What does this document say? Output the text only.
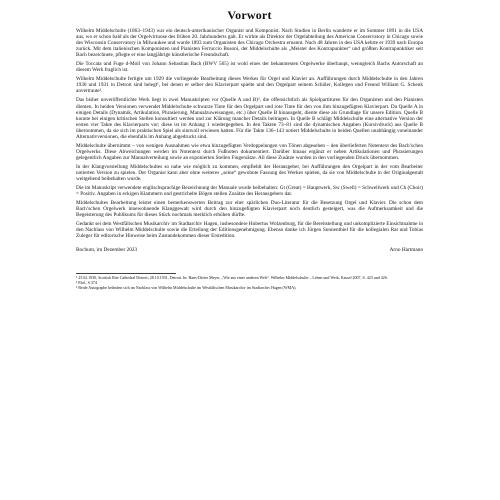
Vorwort

Wilhelm Middelschulte (1863–1943) war ein deutsch-amerikanischer Organist und Komponist. Nach Studien in Berlin wanderte er im Sommer 1891 in die USA aus, wo er schon bald als der Orgelvirtuose des frühen 20. Jahrhunderts galt. Er wirkte als Direktor der Orgelabteilung des American Conservatory in Chicago sowie des Wisconsin Conservatory in Milwaukee und wurde 1893 zum Organisten des Chicago Orchestra ernannt. Nach 48 Jahren in den USA kehrte er 1939 nach Europa zurück. Mit dem italienischen Komponisten und Pianisten Ferruccio Busoni, der Middelschulte als „Meister des Kontrapunktes“ und größten Kontrapunktiker seit Bach bezeichnete, pflegte er eine langjährige künstlerische Freundschaft.

Die Toccata und Fuge d-Moll von Johann Sebastian Bach (BWV 565) ist wohl eines der bekanntesten Orgelwerke überhaupt, wenngleich Bachs Autorschaft an diesem Werk fraglich ist.

Wilhelm Middelschulte fertigte um 1929 die vorliegende Bearbeitung dieses Werkes für Orgel und Klavier an. Aufführungen durch Middelschulte in den Jahren 1930 und 1931 in Detroit sind belegt¹, bei denen er selber den Klavierpart spielte und den Orgelpart seinem Schüler, Kollegen und Freund William G. Schenk anvertraute².

Das bisher unveröffentlichte Werk liegt in zwei Manuskripten vor (Quelle A und B)³, die offensichtlich als Spielpartituren für den Organisten und den Pianisten dienten. In beiden Versionen verwendet Middelschulte schwarze Tinte für den Orgelpart und rote Tinte für den von ihm hinzugefügten Klavierpart. Da Quelle A in einigen Details (Dynamik, Artikulation, Phrasierung, Manualzuweisungen, etc.) über Quelle B hinausgeht, diente diese als Grundlage für unsere Edition. Quelle B konnte bei einigen kritischen Stellen konsultiert werden und zur Klärung mancher Details beitragen. In Quelle B schlägt Middelschulte eine alternative Version der ersten vier Takte des Klavierparts vor; diese ist im Anhang 1 wiedergegeben. In den Takten 73–81 sind die dynamischen Angaben (Kursivdruck) aus Quelle B übernommen, da sie sich im praktischen Spiel als sinnvoll erwiesen hatten. Für die Takte 136–143 notiert Middelschulte in beiden Quellen unabhängig voneinander Alternativversionen, die ebenfalls im Anhang abgedruckt sind.

Middelschulte übernimmt – von wenigen Ausnahmen wie etwa hinzugefügten Verdoppelungen von Tönen abgesehen – den überlieferten Notentext des Bach’schen Orgelwerks. Diese Abweichungen werden im Notentext durch Fußnoten dokumentiert. Darüber hinaus ergänzt er neben Artikulationen und Phrasierungen gelegentlich Angaben zur Manualverteilung sowie an exponierten Stellen Fingersätze. All diese Zusätze wurden in den vorliegenden Druck übernommen.

In der Klangvorstellung Middelschultes so nahe wie möglich zu kommen, empfiehlt der Herausgeber, bei Aufführungen den Orgelpart in der vom Bearbeiter notierten Version zu spielen. Der Organist kann aber ohne weiteres „seine“ gewohnte Fassung des Werkes spielen, da sie von Middelschulte in der Originalgestalt weitgehend beibehalten wurde.

Die im Manuskript verwendete englischsprachige Bezeichnung der Manuale wurde beibehalten: Gt (Great) = Hauptwerk, Sw (Swell) = Schwellwerk und Ch (Choir) = Positiv. Angaben in eckigen Klammern und gestrichelte Bögen stellen Zusätze des Herausgebers dar.

Middelschultes Bearbeitung leistet einen bemerkenswerten Beitrag zur eher spärlichen Duo-Literatur für die Besetzung Orgel und Klavier. Die schon dem Bach’schen Orgelwerk innewohnende Klanggewalt wird durch den hinzugefügten Klavierpart noch deutlich gesteigert, was die Aufmerksamkeit und die Begeisterung des Publikums für dieses Stück nochmals merklich erhöhen dürfte.

Gedankt sei dem Westfälischen Musikarchiv im Stadtarchiv Hagen, insbesondere Hubertus Wolzenburg, für die Bereitstellung und unkomplizierte Einsichtnahme in den Nachlass von Wilhelm Middelschulte sowie die Erteilung der Editionsgenehmigung. Ebenso danke ich Jürgen Sonnenthiel für die kollegialen Rat und Tobias Zuleger für editorische Hinweise beim Zustandekommen dieser Erstedition.

Bochum, im Dezember 2023	Arno Hartmann

¹ 25.02.1930, Scottish Rite Cathedral Detroit; 28.10.1931, Detroit. In: Hans-Dieter Meyer, „Wie aus einer anderen Welt“. Wilhelm Middelschulte – Leben und Werk, Kassel 2007, S. 423 und 426.

² Ebd., S.374

³ Beide Autographe befinden sich im Nachlass von Wilhelm Middelschulte im Westfälischen Musikarchiv im Stadtarchiv Hagen (WMA).
